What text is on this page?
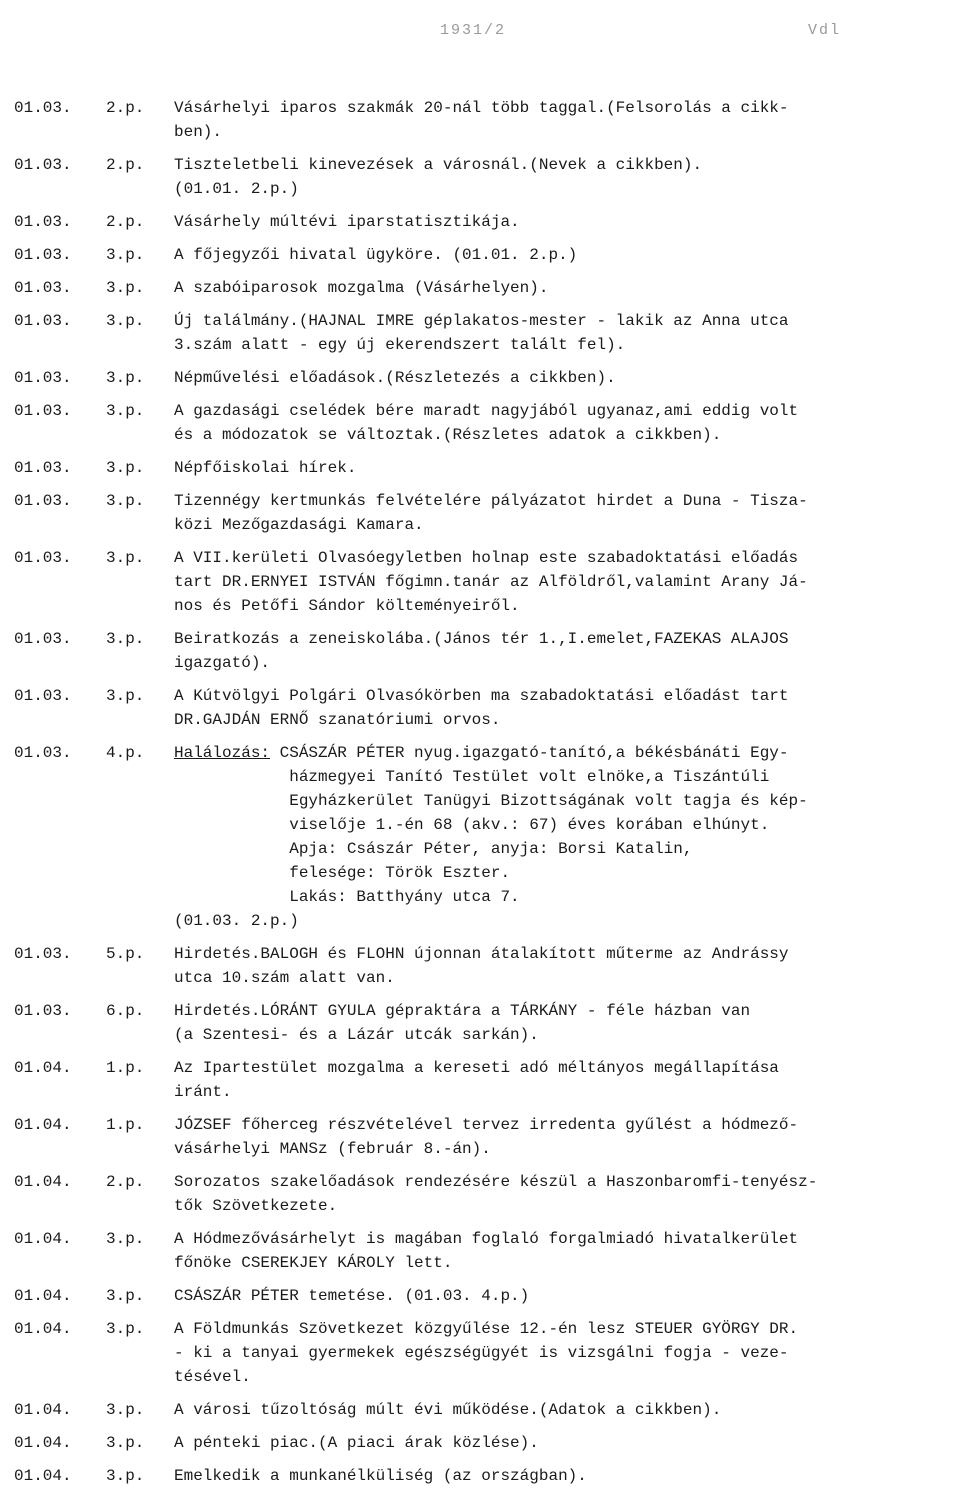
1931/2	Vdl
01.03.	2.p.	Vásárhelyi iparos szakmák 20-nál több taggal.(Felsorolás a cikk-
ben).
01.03.	2.p.	Tiszteletbeli kinevezések a városnál.(Nevek a cikkben).
(01.01. 2.p.)
01.03.	2.p.	Vásárhely múltévi iparstatisztikája.
01.03.	3.p.	A főjegyzői hivatal ügyköre. (01.01. 2.p.)
01.03.	3.p.	A szabóiparosok mozgalma (Vásárhelyen).
01.03.	3.p.	Új találmány.(HAJNAL IMRE géplakatos-mester - lakik az Anna utca
3.szám alatt - egy új ekerendszert talált fel).
01.03.	3.p.	Népművelési előadások.(Részletezés a cikkben).
01.03.	3.p.	A gazdasági cselédek bére maradt nagyjából ugyanaz,ami eddig volt
és a módozatok se változtak.(Részletes adatok a cikkben).
01.03.	3.p.	Népfőiskolai hírek.
01.03.	3.p.	Tizennégy kertmunkás felvételére pályázatot hirdet a Duna - Tisza-
közi Mezőgazdasági Kamara.
01.03.	3.p.	A VII.kerületi Olvasóegyletben holnap este szabadoktatási előadás
tart DR.ERNYEI ISTVÁN főgimn.tanár az Alföldről,valamint Arany Já-
nos és Petőfi Sándor költeményeiről.
01.03.	3.p.	Beiratkozás a zeneiskolába.(János tér 1.,I.emelet,FAZEKAS ALAJOS
igazgató).
01.03.	3.p.	A Kútvölgyi Polgári Olvasókörben ma szabadoktatási előadást tart
DR.GAJDÁN ERNŐ szanatóriumi orvos.
01.03.	4.p.	Halálozás: CSÁSZÁR PÉTER nyug.igazgató-tanító,a békésbánáti Egy-
házmegyei Tanító Testület volt elnöke,a Tiszántúli
Egyházkerület Tanügyi Bizottságának volt tagja és kép-
viselője 1.-én 68 (akv.: 67) éves korában elhúnyt.
Apja: Császár Péter, anyja: Borsi Katalin,
felesége: Török Eszter.
Lakás: Batthyány utca 7.
(01.03. 2.p.)
01.03.	5.p.	Hirdetés.BALOGH és FLOHN újonnan átalakított műterme az Andrássy
utca 10.szám alatt van.
01.03.	6.p.	Hirdetés.LÓRÁNT GYULA gépraktára a TÁRKÁNY - féle házban van
(a Szentesi- és a Lázár utcák sarkán).
01.04.	1.p.	Az Ipartestület mozgalma a kereseti adó méltányos megállapítása
iránt.
01.04.	1.p.	JÓZSEF főherceg részvételével tervez irredenta gyűlést a hódmező-
vásárhelyi MANSz (február 8.-án).
01.04.	2.p.	Sorozatos szakelőadások rendezésére készül a Haszonbaromfi-tenyész-
tők Szövetkezete.
01.04.	3.p.	A Hódmezővásárhelyt is magában foglaló forgalmiadó hivatalkerület
főnöke CSEREKJEY KÁROLY lett.
01.04.	3.p.	CSÁSZÁR PÉTER temetése. (01.03. 4.p.)
01.04.	3.p.	A Földmunkás Szövetkezet közgyűlése 12.-én lesz STEUER GYÖRGY DR.
- ki a tanyai gyermekek egészségügyét is vizsgálni fogja - veze-
tésével.
01.04.	3.p.	A városi tűzoltóság múlt évi működése.(Adatok a cikkben).
01.04.	3.p.	A pénteki piac.(A piaci árak közlése).
01.04.	3.p.	Emelkedik a munkanélküliség (az országban).
